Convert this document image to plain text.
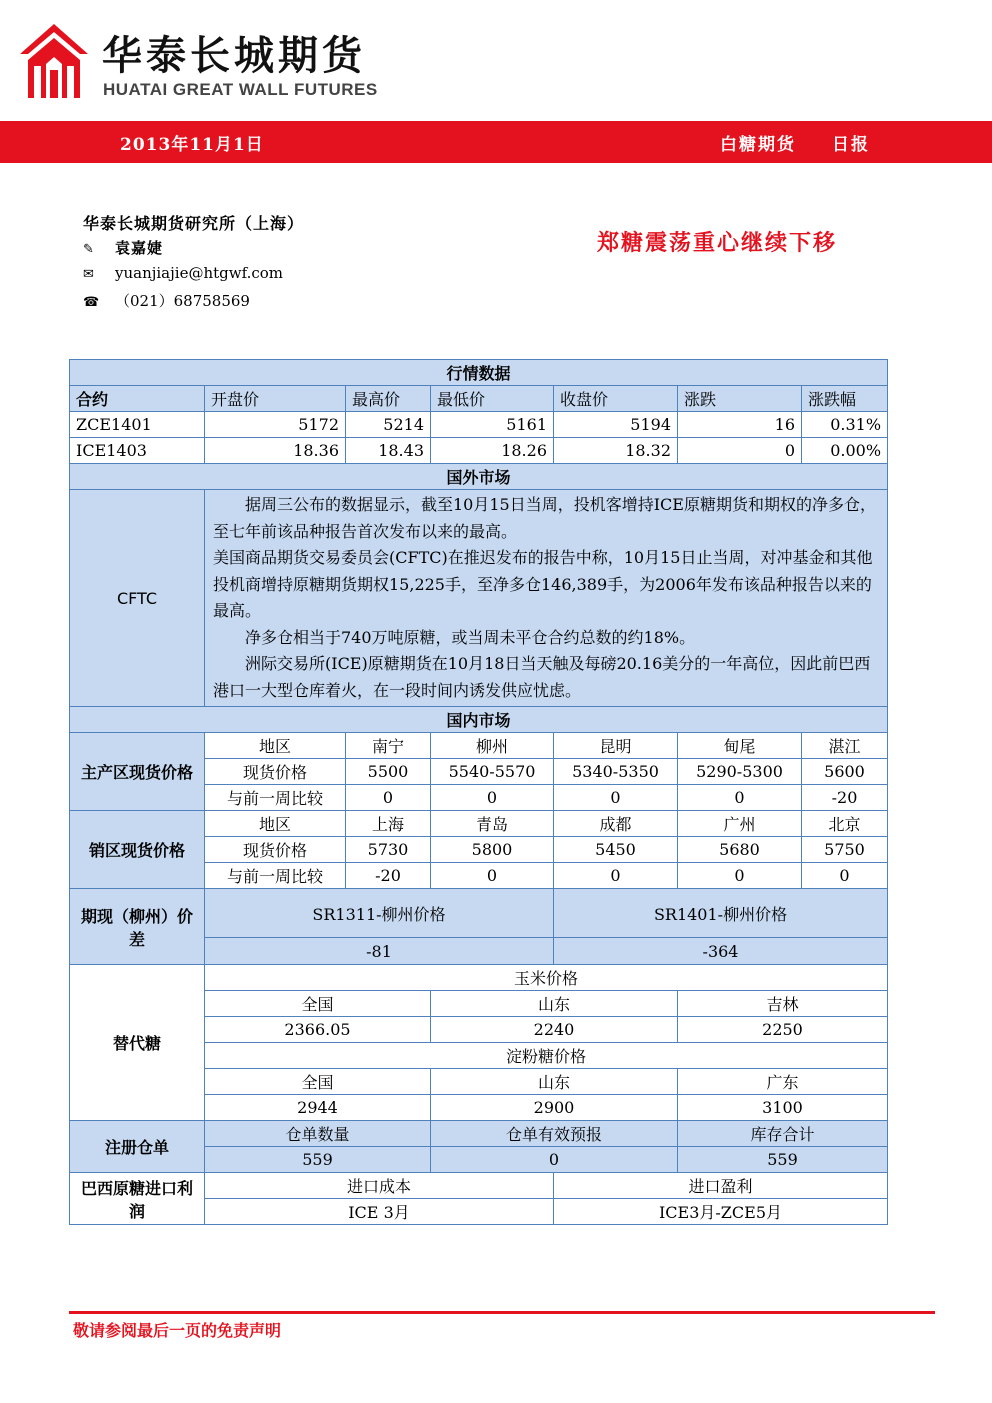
华泰长城期货
HUATAI GREAT WALL FUTURES
2013年11月1日	白糖期货 日报
华泰长城期货研究所（上海）
✎ 袁嘉婕
✉ yuanjiajie@htgwf.com
☎ （021）68758569
郑糖震荡重心继续下移
行情数据						
合约	开盘价	最高价	最低价	收盘价	涨跌	涨跌幅
ZCE1401	5172	5214	5161	5194	16	0.31%
ICE1403	18.36	18.43	18.26	18.32	0	0.00%
国外市场						
CFTC	据周三公布的数据显示，截至10月15日当周，投机客增持ICE原糖期货和期权的净多仓，至七年前该品种报告首次发布以来的最高。

美国商品期货交易委员会(CFTC)在推迟发布的报告中称，10月15日止当周，对冲基金和其他投机商增持原糖期货期权15,225手，至净多仓146,389手，为2006年发布该品种报告以来的最高。

净多仓相当于740万吨原糖，或当周未平仓合约总数的约18%。

洲际交易所(ICE)原糖期货在10月18日当天触及每磅20.16美分的一年高位，因此前巴西港口一大型仓库着火，在一段时间内诱发供应忧虑。					

国内市场						
主产区现货价格	地区	南宁	柳州	昆明	甸尾	湛江
	现货价格	5500	5540-5570	5340-5350	5290-5300	5600
	与前一周比较	0	0	0	0	-20
销区现货价格	地区	上海	青岛	成都	广州	北京
	现货价格	5730	5800	5450	5680	5750
	与前一周比较	-20	0	0	0	0
期现（柳州）价差	SR1311-柳州价格			SR1401-柳州价格		
	-81			-364		
替代糖	玉米价格					
	全国		山东		吉林	
	2366.05		2240		2250	
	淀粉糖价格					
	全国		山东		广东	
	2944		2900		3100	
注册仓单	仓单数量		仓单有效预报		库存合计	
	559		0		559	
巴西原糖进口利润	进口成本			进口盈利		
	ICE 3月			ICE3月-ZCE5月		
敬请参阅最后一页的免责声明
